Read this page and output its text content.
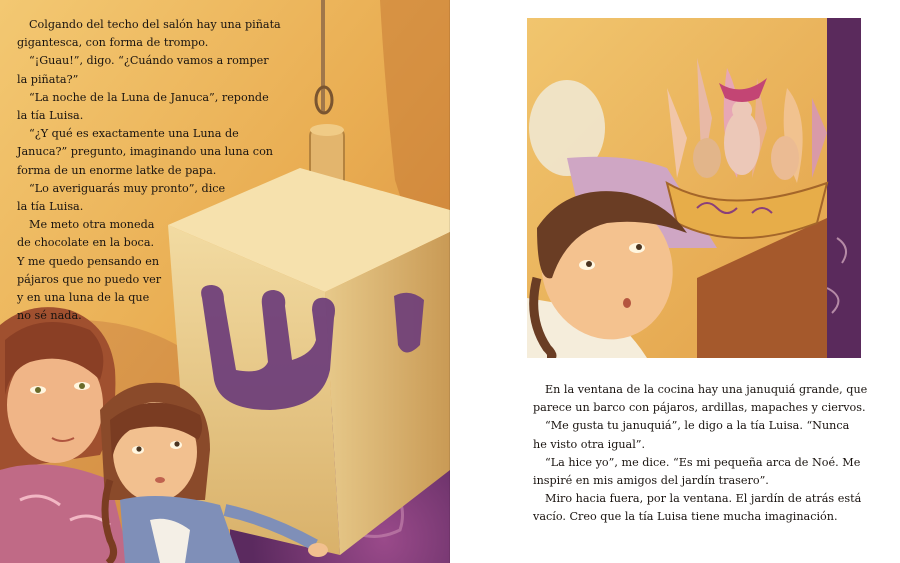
Colgando del techo del salón hay una piñata

gigantesca, con forma de trompo.

“¡Guau!”, digo. “¿Cuándo vamos a romper

la piñata?”

“La noche de la Luna de Januca”, reponde

la tía Luisa.

“¿Y qué es exactamente una Luna de

Januca?” pregunto, imaginando una luna con

forma de un enorme latke de papa.

“Lo averiguarás muy pronto”, dice

la tía Luisa.

Me meto otra moneda

de chocolate en la boca.

Y me quedo pensando en

pájaros que no puedo ver

y en una luna de la que

no sé nada.

En la ventana de la cocina hay una januquiá grande, que

parece un barco con pájaros, ardillas, mapaches y ciervos.

“Me gusta tu januquiá”, le digo a la tía Luisa. “Nunca

he visto otra igual”.

“La hice yo”, me dice. “Es mi pequeña arca de Noé. Me

inspiré en mis amigos del jardín trasero”.

Miro hacia fuera, por la ventana. El jardín de atrás está

vacío. Creo que la tía Luisa tiene mucha imaginación.
